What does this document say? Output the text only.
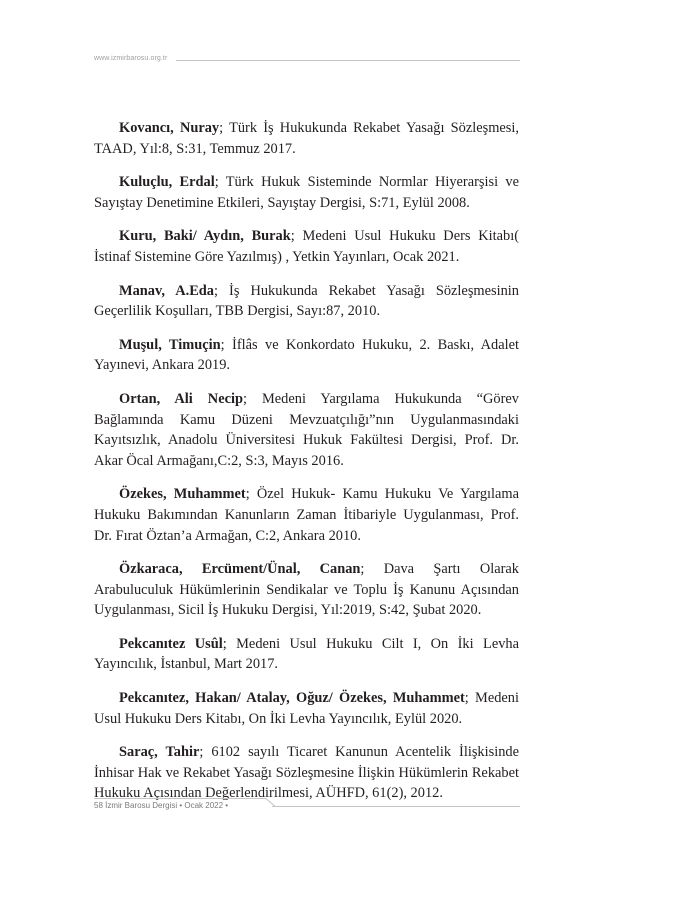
www.izmirbarosu.org.tr

Kovancı, Nuray; Türk İş Hukukunda Rekabet Yasağı Sözleşmesi, TAAD, Yıl:8, S:31, Temmuz 2017.

Kuluçlu, Erdal; Türk Hukuk Sisteminde Normlar Hiyerarşisi ve Sayıştay Denetimine Etkileri, Sayıştay Dergisi, S:71, Eylül 2008.

Kuru, Baki/ Aydın, Burak; Medeni Usul Hukuku Ders Kitabı( İstinaf Sistemine Göre Yazılmış) , Yetkin Yayınları, Ocak 2021.

Manav, A.Eda; İş Hukukunda Rekabet Yasağı Sözleşmesinin Geçerlilik Koşulları, TBB Dergisi, Sayı:87, 2010.

Muşul, Timuçin; İflâs ve Konkordato Hukuku, 2. Baskı, Adalet Yayınevi, Ankara 2019.

Ortan, Ali Necip; Medeni Yargılama Hukukunda “Görev Bağlamında Kamu Düzeni Mevzuatçılığı”nın Uygulanmasındaki Kayıtsızlık, Anadolu Üniversitesi Hukuk Fakültesi Dergisi, Prof. Dr. Akar Öcal Armağanı,C:2, S:3, Mayıs 2016.

Özekes, Muhammet; Özel Hukuk- Kamu Hukuku Ve Yargılama Hukuku Bakımından Kanunların Zaman İtibariyle Uygulanması, Prof. Dr. Fırat Öztan’a Armağan, C:2, Ankara 2010.

Özkaraca, Ercüment/Ünal, Canan; Dava Şartı Olarak Arabuluculuk Hükümlerinin Sendikalar ve Toplu İş Kanunu Açısından Uygulanması, Sicil İş Hukuku Dergisi, Yıl:2019, S:42, Şubat 2020.

Pekcanıtez Usûl; Medeni Usul Hukuku Cilt I, On İki Levha Yayıncılık, İstanbul, Mart 2017.

Pekcanıtez, Hakan/ Atalay, Oğuz/ Özekes, Muhammet; Medeni Usul Hukuku Ders Kitabı, On İki Levha Yayıncılık, Eylül 2020.

Saraç, Tahir; 6102 sayılı Ticaret Kanunun Acentelik İlişkisinde İnhisar Hak ve Rekabet Yasağı Sözleşmesine İlişkin Hükümlerin Rekabet Hukuku Açısından Değerlendirilmesi, AÜHFD, 61(2), 2012.

58 İzmir Barosu Dergisi • Ocak 2022 •
